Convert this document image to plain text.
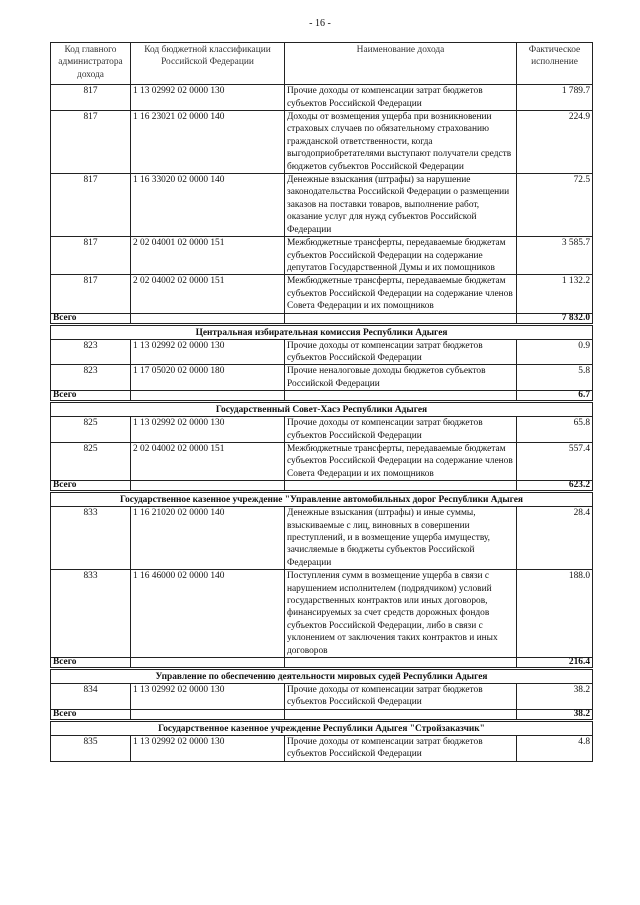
- 16 -
Код главного администратора дохода	Код бюджетной классификации Российской Федерации	Наименование дохода	Фактическое исполнение
817	1 13 02992 02 0000 130	Прочие доходы от компенсации затрат бюджетов субъектов Российской Федерации	1 789.7
817	1 16 23021 02 0000 140	Доходы от возмещения ущерба при возникновении страховых случаев по обязательному страхованию гражданской ответственности, когда выгодоприобретателями выступают получатели средств бюджетов субъектов Российской Федерации	224.9
817	1 16 33020 02 0000 140	Денежные взыскания (штрафы) за нарушение законодательства Российской Федерации о размещении заказов на поставки товаров, выполнение работ, оказание услуг для нужд субъектов Российской Федерации	72.5
817	2 02 04001 02 0000 151	Межбюджетные трансферты, передаваемые бюджетам субъектов Российской Федерации на содержание депутатов Государственной Думы и их помощников	3 585.7
817	2 02 04002 02 0000 151	Межбюджетные трансферты, передаваемые бюджетам субъектов Российской Федерации на содержание членов Совета Федерации и их помощников	1 132.2
Всего			7 832.0
Центральная избирательная комиссия Республики Адыгея			
823	1 13 02992 02 0000 130	Прочие доходы от компенсации затрат бюджетов субъектов Российской Федерации	0.9
823	1 17 05020 02 0000 180	Прочие неналоговые доходы бюджетов субъектов Российской Федерации	5.8
Всего			6.7
Государственный Совет-Хасэ Республики Адыгея			
825	1 13 02992 02 0000 130	Прочие доходы от компенсации затрат бюджетов субъектов Российской Федерации	65.8
825	2 02 04002 02 0000 151	Межбюджетные трансферты, передаваемые бюджетам субъектов Российской Федерации на содержание членов Совета Федерации и их помощников	557.4
Всего			623.2
Государственное казенное учреждение "Управление автомобильных дорог Республики Адыгея			
833	1 16 21020 02 0000 140	Денежные взыскания (штрафы) и иные суммы, взыскиваемые с лиц, виновных в совершении преступлений, и в возмещение ущерба имуществу, зачисляемые в бюджеты субъектов Российской Федерации	28.4
833	1 16 46000 02 0000 140	Поступления сумм в возмещение ущерба в связи с нарушением исполнителем (подрядчиком) условий государственных контрактов или иных договоров, финансируемых за счет средств дорожных фондов субъектов Российской Федерации, либо в связи с уклонением от заключения таких контрактов и иных договоров	188.0
Всего			216.4
Управление по обеспечению деятельности мировых судей Республики Адыгея			
834	1 13 02992 02 0000 130	Прочие доходы от компенсации затрат бюджетов субъектов Российской Федерации	38.2
Всего			38.2
Государственное казенное учреждение Республики Адыгея "Стройзаказчик"			
835	1 13 02992 02 0000 130	Прочие доходы от компенсации затрат бюджетов субъектов Российской Федерации	4.8
